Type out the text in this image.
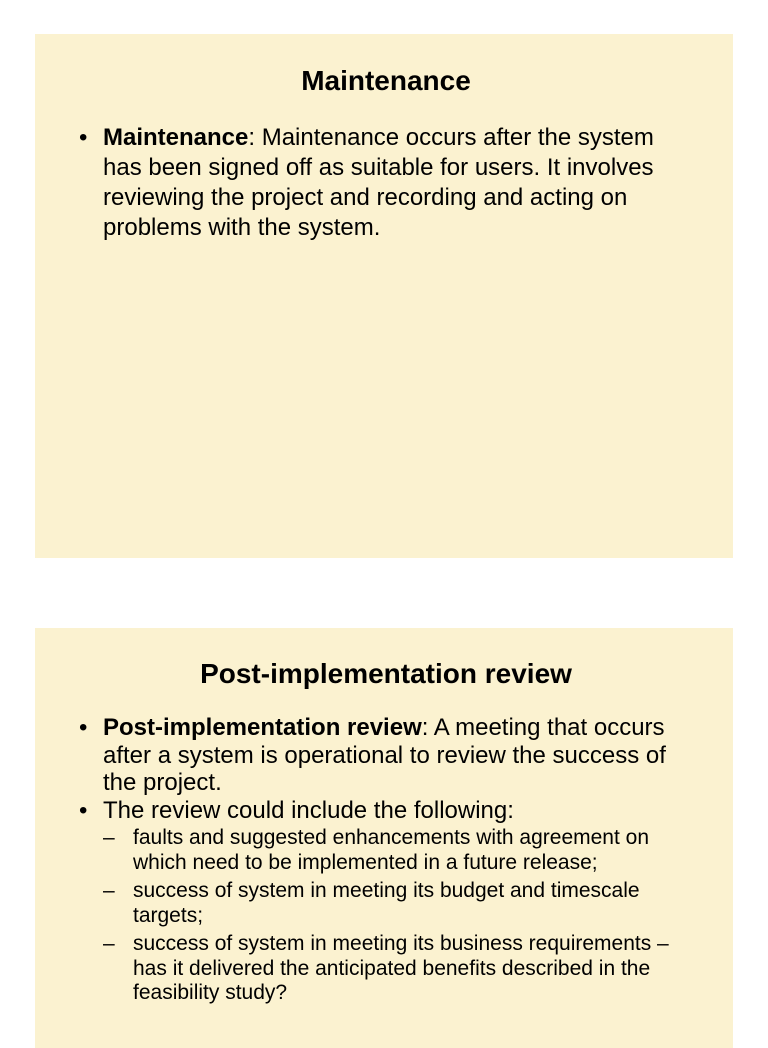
Maintenance
• Maintenance: Maintenance occurs after the system has been signed off as suitable for users. It involves reviewing the project and recording and acting on problems with the system.
Post-implementation review
• Post-implementation review: A meeting that occurs after a system is operational to review the success of the project.
• The review could include the following:
– faults and suggested enhancements with agreement on which need to be implemented in a future release;
– success of system in meeting its budget and timescale targets;
– success of system in meeting its business requirements – has it delivered the anticipated benefits described in the feasibility study?
